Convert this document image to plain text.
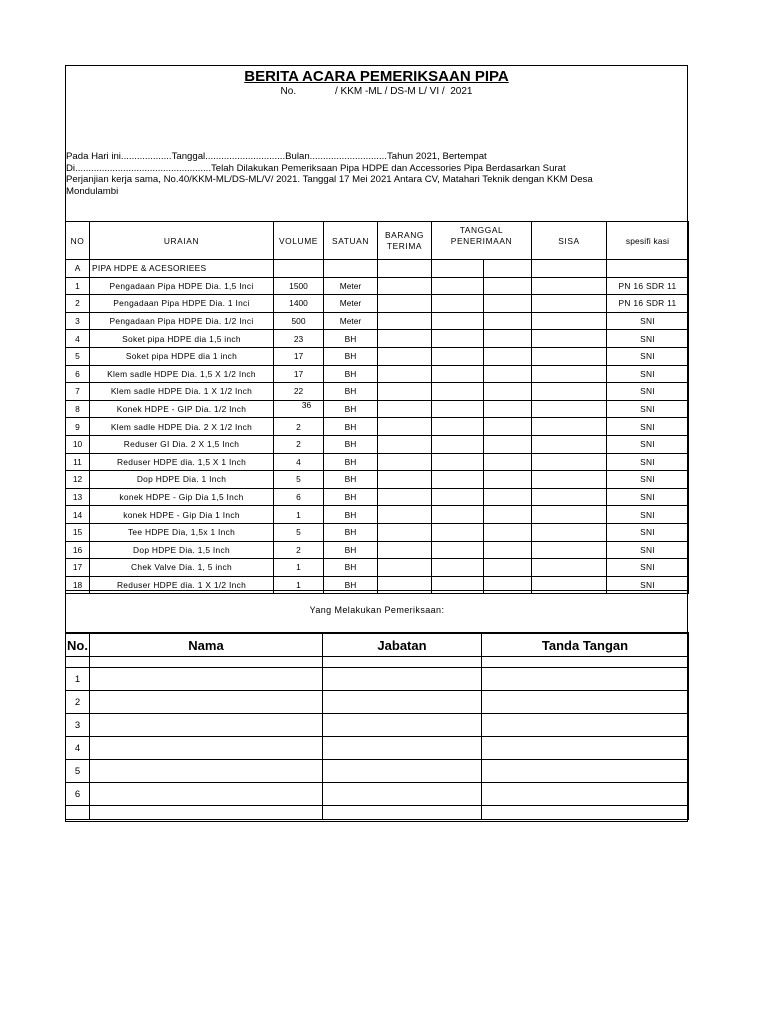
BERITA ACARA PEMERIKSAAN PIPA
No.              / KKM -ML / DS-M L/ VI /  2021
Pada Hari ini...................Tanggal..............................Bulan.............................Tahun 2021, Bertempat
Di...................................................Telah Dilakukan Pemeriksaan Pipa HDPE dan Accessories Pipa Berdasarkan Surat
Perjanjian kerja sama, No.40/KKM-ML/DS-ML/V/ 2021. Tanggal 17 Mei 2021 Antara CV, Matahari Teknik dengan KKM Desa
Mondulambi
NO	URAIAN	VOLUME	SATUAN	BARANG TERIMA	TANGGAL PENERIMAAN		SISA	spesifi kasi
A	PIPA HDPE & ACESORIEES							
1	Pengadaan Pipa HDPE Dia. 1,5 Inci	1500	Meter					PN 16 SDR 11
2	Pengadaan Pipa HDPE Dia. 1 Inci	1400	Meter					PN 16 SDR 11
3	Pengadaan Pipa HDPE Dia. 1/2 Inci	500	Meter					SNI
4	Soket pipa HDPE dia 1,5 inch	23	BH					SNI
5	Soket pipa HDPE dia 1 inch	17	BH					SNI
6	Klem sadle HDPE Dia. 1,5 X 1/2 Inch	17	BH					SNI
7	Klem sadle HDPE Dia. 1 X 1/2 Inch	22	BH					SNI
8	Konek HDPE - GIP Dia. 1/2 Inch	36	BH					SNI
9	Klem sadle HDPE Dia. 2 X 1/2 Inch	2	BH					SNI
10	Reduser GI Dia. 2 X 1,5 Inch	2	BH					SNI
11	Reduser HDPE dia. 1,5 X 1 Inch	4	BH					SNI
12	Dop HDPE Dia. 1 Inch	5	BH					SNI
13	konek HDPE - Gip Dia 1,5 Inch	6	BH					SNI
14	konek HDPE - Gip Dia 1 Inch	1	BH					SNI
15	Tee HDPE Dia, 1,5x 1 Inch	5	BH					SNI
16	Dop HDPE Dia. 1,5 Inch	2	BH					SNI
17	Chek Valve Dia. 1, 5 inch	1	BH					SNI
18	Reduser HDPE dia. 1 X 1/2 Inch	1	BH					SNI
Yang Melakukan Pemeriksaan:
No.	Nama	Jabatan	Tanda Tangan

1			
2			
3			
4			
5			
6			
